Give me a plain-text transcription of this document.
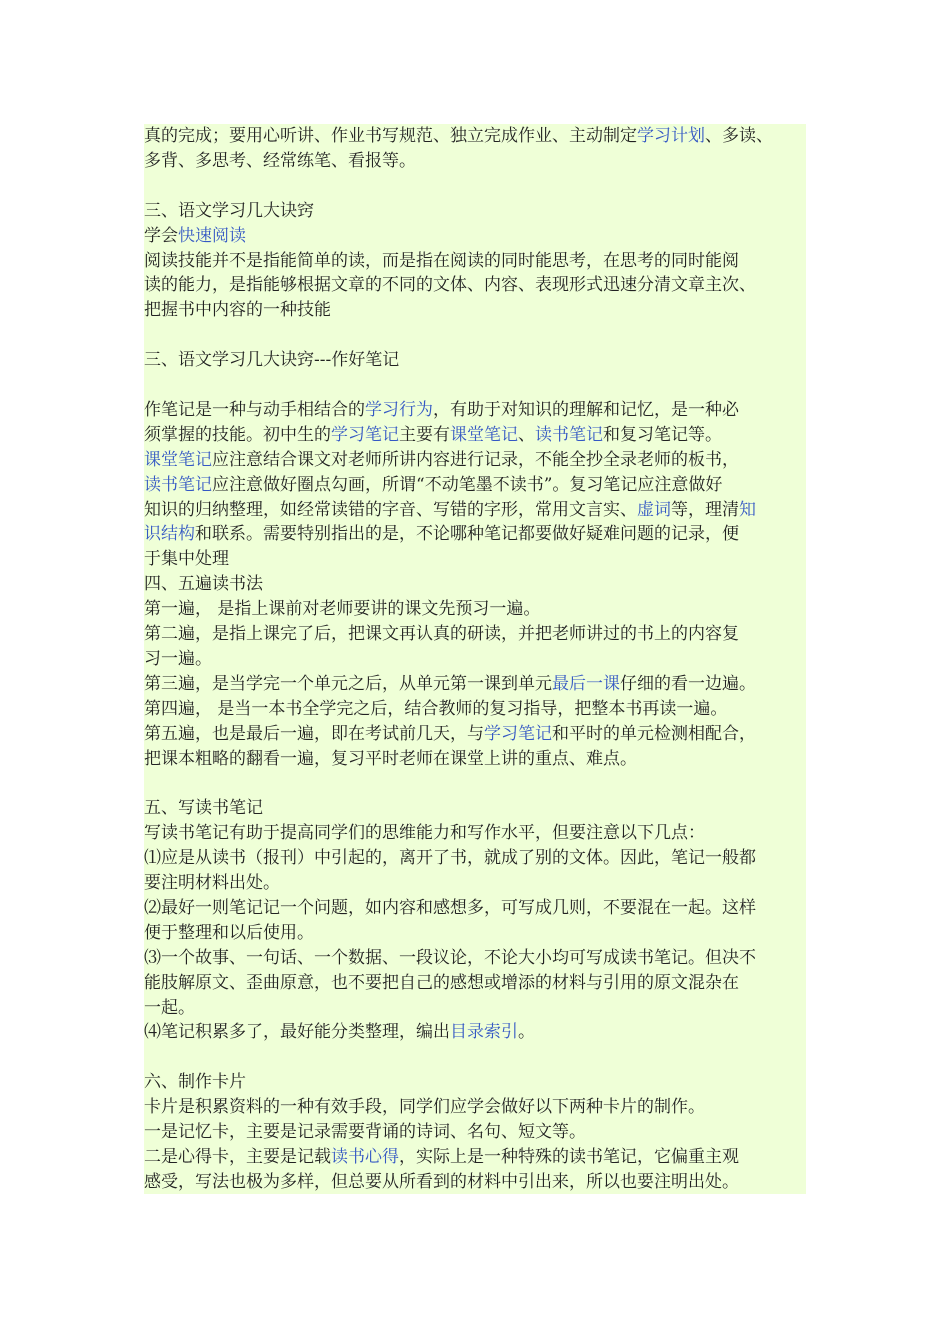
真的完成；要用心听讲、作业书写规范、独立完成作业、主动制定学习计划、多读、
多背、多思考、经常练笔、看报等。
三、语文学习几大诀窍
学会快速阅读
阅读技能并不是指能简单的读，而是指在阅读的同时能思考，在思考的同时能阅
读的能力，是指能够根据文章的不同的文体、内容、表现形式迅速分清文章主次、
把握书中内容的一种技能
三、语文学习几大诀窍---作好笔记
作笔记是一种与动手相结合的学习行为，有助于对知识的理解和记忆，是一种必
须掌握的技能。初中生的学习笔记主要有课堂笔记、读书笔记和复习笔记等。
课堂笔记应注意结合课文对老师所讲内容进行记录，不能全抄全录老师的板书，
读书笔记应注意做好圈点勾画，所谓“不动笔墨不读书”。复习笔记应注意做好
知识的归纳整理，如经常读错的字音、写错的字形，常用文言实、虚词等，理清知
识结构和联系。需要特别指出的是，不论哪种笔记都要做好疑难问题的记录，便
于集中处理
四、五遍读书法
第一遍， 是指上课前对老师要讲的课文先预习一遍。
第二遍，是指上课完了后，把课文再认真的研读，并把老师讲过的书上的内容复
习一遍。
第三遍，是当学完一个单元之后，从单元第一课到单元最后一课仔细的看一边遍。
第四遍， 是当一本书全学完之后，结合教师的复习指导，把整本书再读一遍。
第五遍，也是最后一遍，即在考试前几天，与学习笔记和平时的单元检测相配合，
把课本粗略的翻看一遍，复习平时老师在课堂上讲的重点、难点。
五、写读书笔记
写读书笔记有助于提高同学们的思维能力和写作水平，但要注意以下几点：
⑴应是从读书（报刊）中引起的，离开了书，就成了别的文体。因此，笔记一般都
要注明材料出处。
⑵最好一则笔记记一个问题，如内容和感想多，可写成几则，不要混在一起。这样
便于整理和以后使用。
⑶一个故事、一句话、一个数据、一段议论，不论大小均可写成读书笔记。但决不
能肢解原文、歪曲原意，也不要把自己的感想或增添的材料与引用的原文混杂在
一起。
⑷笔记积累多了，最好能分类整理，编出目录索引。
六、制作卡片
卡片是积累资料的一种有效手段，同学们应学会做好以下两种卡片的制作。
一是记忆卡，主要是记录需要背诵的诗词、名句、短文等。
二是心得卡，主要是记载读书心得，实际上是一种特殊的读书笔记，它偏重主观
感受，写法也极为多样，但总要从所看到的材料中引出来，所以也要注明出处。
